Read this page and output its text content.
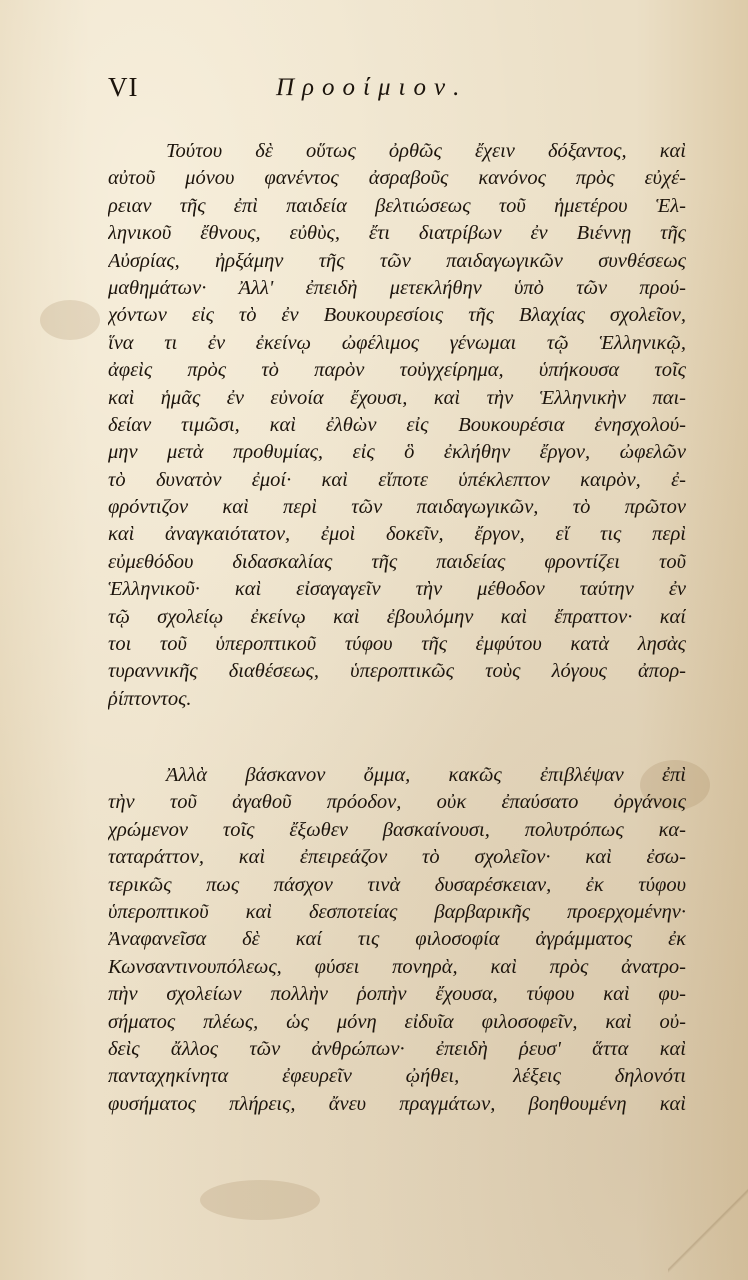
VI	Προοίμιον.
Τούτου δὲ οὕτως ὀρθῶς ἔχειν δόξαντος, καὶ
αὐτοῦ μόνου φανέντος ἀσραβοῦς κανόνος πρὸς εὐχέ-
ρειαν τῆς ἐπὶ παιδεία βελτιώσεως τοῦ ἡμετέρου Ἑλ-
ληνικοῦ ἔθνους, εὐθὺς, ἔτι διατρίβων ἐν Βιέννῃ τῆς
Αὐσρίας, ἠρξάμην τῆς τῶν παιδαγωγικῶν συνθέσεως
μαθημάτων· Ἀλλ' ἐπειδὴ μετεκλήθην ὑπὸ τῶν πρού-
χόντων εἰς τὸ ἐν Βουκουρεσίοις τῆς Βλαχίας σχολεῖον,
ἵνα τι ἐν ἐκείνῳ ὠφέλιμος γένωμαι τῷ Ἑλληνικῷ,
ἀφεὶς πρὸς τὸ παρὸν τοὐγχείρημα, ὑπήκουσα τοῖς
καὶ ἡμᾶς ἐν εὐνοία ἔχουσι, καὶ τὴν Ἑλληνικὴν παι-
δείαν τιμῶσι, καὶ ἐλθὼν εἰς Βουκουρέσια ἐνησχολού-
μην μετὰ προθυμίας, εἰς ὃ ἐκλήθην ἔργον, ὠφελῶν
τὸ δυνατὸν ἐμοί· καὶ εἴποτε ὑπέκλεπτον καιρὸν, ἐ-
φρόντιζον καὶ περὶ τῶν παιδαγωγικῶν, τὸ πρῶτον
καὶ ἀναγκαιότατον, ἐμοὶ δοκεῖν, ἔργον, εἴ τις περὶ
εὐμεθόδου διδασκαλίας τῆς παιδείας φροντίζει τοῦ
Ἑλληνικοῦ· καὶ εἰσαγαγεῖν τὴν μέθοδον ταύτην ἐν
τῷ σχολείῳ ἐκείνῳ καὶ ἐβουλόμην καὶ ἔπραττον· καί
τοι τοῦ ὑπεροπτικοῦ τύφου τῆς ἐμφύτου κατὰ λησὰς
τυραννικῆς διαθέσεως, ὑπεροπτικῶς τοὺς λόγους ἀπορ-
ῥίπτοντος.
Ἀλλὰ βάσκανον ὄμμα, κακῶς ἐπιβλέψαν ἐπὶ
τὴν τοῦ ἀγαθοῦ πρόοδον, οὐκ ἐπαύσατο ὀργάνοις
χρώμενον τοῖς ἔξωθεν βασκαίνουσι, πολυτρόπως κα-
ταταράττον, καὶ ἐπειρεάζον τὸ σχολεῖον· καὶ ἐσω-
τερικῶς πως πάσχον τινὰ δυσαρέσκειαν, ἐκ τύφου
ὑπεροπτικοῦ καὶ δεσποτείας βαρβαρικῆς προερχομένην·
Ἀναφανεῖσα δὲ καί τις φιλοσοφία ἀγράμματος ἐκ
Κωνσαντινουπόλεως, φύσει πονηρὰ, καὶ πρὸς ἀνατρο-
πὴν σχολείων πολλὴν ῥοπὴν ἔχουσα, τύφου καὶ φυ-
σήματος πλέως, ὡς μόνη εἰδυῖα φιλοσοφεῖν, καὶ οὐ-
δεὶς ἄλλος τῶν ἀνθρώπων· ἐπειδὴ ῥευσ' ἅττα καὶ
πανταχηκίνητα ἐφευρεῖν ᾠήθει, λέξεις δηλονότι
φυσήματος πλήρεις, ἄνευ πραγμάτων, βοηθουμένη καὶ
